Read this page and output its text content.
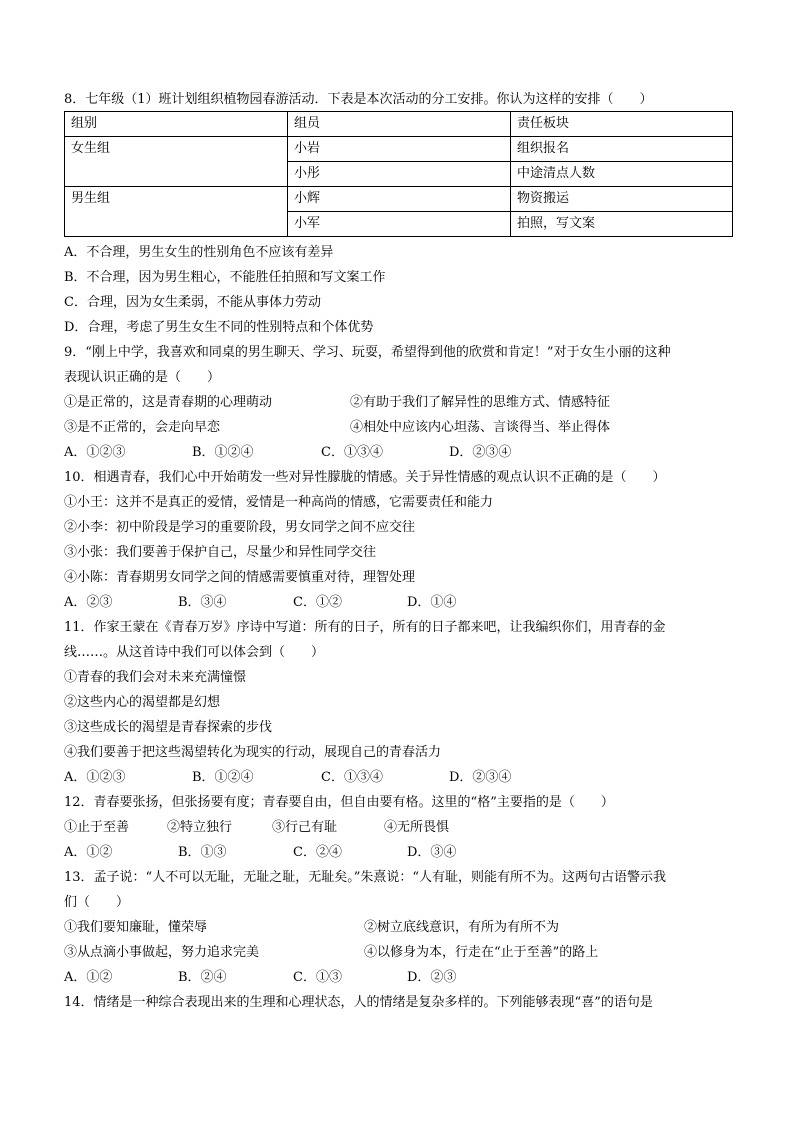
8．七年级（1）班计划组织植物园春游活动．下表是本次活动的分工安排。你认为这样的安排（　　）
组别	组员	责任板块
女生组	小岩	组织报名
	小彤	中途清点人数
男生组	小辉	物资搬运
	小军	拍照，写文案
A．不合理，男生女生的性别角色不应该有差异
B．不合理，因为男生粗心，不能胜任拍照和写文案工作
C．合理，因为女生柔弱，不能从事体力劳动
D．合理，考虑了男生女生不同的性别特点和个体优势
9．“刚上中学，我喜欢和同桌的男生聊天、学习、玩耍，希望得到他的欣赏和肯定！”对于女生小丽的这种
表现认识正确的是（　　）
①是正常的，这是青春期的心理萌动	②有助于我们了解异性的思维方式、情感特征
③是不正常的，会走向早恋	④相处中应该内心坦荡、言谈得当、举止得体
A．①②③	B．①②④	C．①③④	D．②③④
10．相遇青春，我们心中开始萌发一些对异性朦胧的情感。关于异性情感的观点认识不正确的是（　　）
①小王：这并不是真正的爱情，爱情是一种高尚的情感，它需要责任和能力
②小李：初中阶段是学习的重要阶段，男女同学之间不应交往
③小张：我们要善于保护自己，尽量少和异性同学交往
④小陈：青春期男女同学之间的情感需要慎重对待，理智处理
A．②③	B．③④	C．①②	D．①④
11．作家王蒙在《青春万岁》序诗中写道：所有的日子，所有的日子都来吧，让我编织你们，用青春的金
线……。从这首诗中我们可以体会到（　　）
①青春的我们会对未来充满憧憬
②这些内心的渴望都是幻想
③这些成长的渴望是青春探索的步伐
④我们要善于把这些渴望转化为现实的行动，展现自己的青春活力
A．①②③	B．①②④	C．①③④	D．②③④
12．青春要张扬，但张扬要有度；青春要自由，但自由要有格。这里的“格”主要指的是（　　）
①止于至善	②特立独行	③行己有耻	④无所畏惧
A．①②	B．①③	C．②④	D．③④
13．孟子说：“人不可以无耻，无耻之耻，无耻矣。”朱熹说：“人有耻，则能有所不为。这两句古语警示我
们（　　）
①我们要知廉耻，懂荣辱	②树立底线意识，有所为有所不为
③从点滴小事做起，努力追求完美	④以修身为本，行走在“止于至善”的路上
A．①②	B．②④	C．①③	D．②③
14．情绪是一种综合表现出来的生理和心理状态，人的情绪是复杂多样的。下列能够表现“喜”的语句是
